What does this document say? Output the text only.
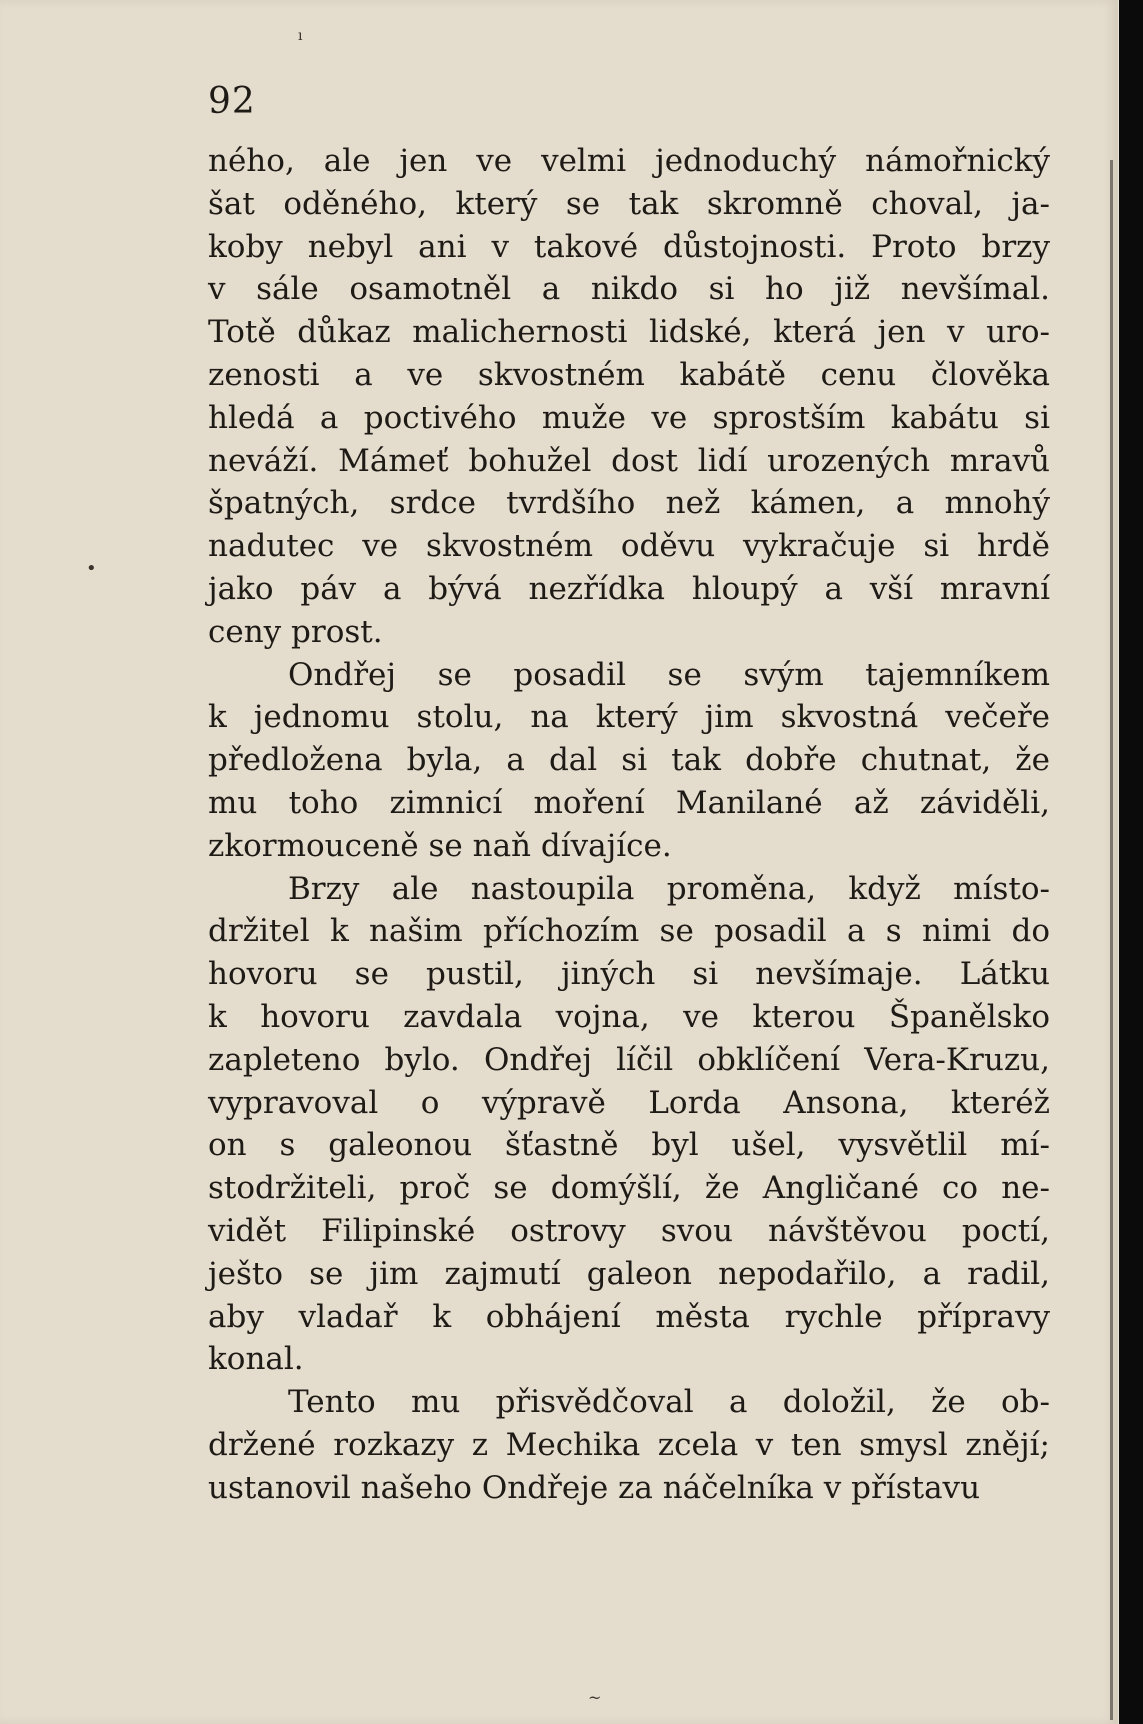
ı
•
~
92
ného, ale jen ve velmi jednoduchý námořnický
šat oděného, který se tak skromně choval, ja-
koby nebyl ani v takové důstojnosti. Proto brzy
v sále osamotněl a nikdo si ho již nevšímal.
Totě důkaz malichernosti lidské, která jen v uro-
zenosti a ve skvostném kabátě cenu člověka
hledá a poctivého muže ve sprostším kabátu si
neváží. Mámeť bohužel dost lidí urozených mravů
špatných, srdce tvrdšího než kámen, a mnohý
nadutec ve skvostném oděvu vykračuje si hrdě
jako páv a bývá nezřídka hloupý a vší mravní
ceny prost.
Ondřej se posadil se svým tajemníkem
k jednomu stolu, na který jim skvostná večeře
předložena byla, a dal si tak dobře chutnat, že
mu toho zimnicí moření Manilané až záviděli,
zkormouceně se naň dívajíce.
Brzy ale nastoupila proměna, když místo-
držitel k našim příchozím se posadil a s nimi do
hovoru se pustil, jiných si nevšímaje. Látku
k hovoru zavdala vojna, ve kterou Španělsko
zapleteno bylo. Ondřej líčil obklíčení Vera-Kruzu,
vypravoval o výpravě Lorda Ansona, kteréž
on s galeonou šťastně byl ušel, vysvětlil mí-
stodržiteli, proč se domýšlí, že Angličané co ne-
vidět Filipinské ostrovy svou návštěvou poctí,
ješto se jim zajmutí galeon nepodařilo, a radil,
aby vladař k obhájení města rychle přípravy
konal.
Tento mu přisvědčoval a doložil, že ob-
držené rozkazy z Mechika zcela v ten smysl znějí;
ustanovil našeho Ondřeje za náčelníka v přístavu
